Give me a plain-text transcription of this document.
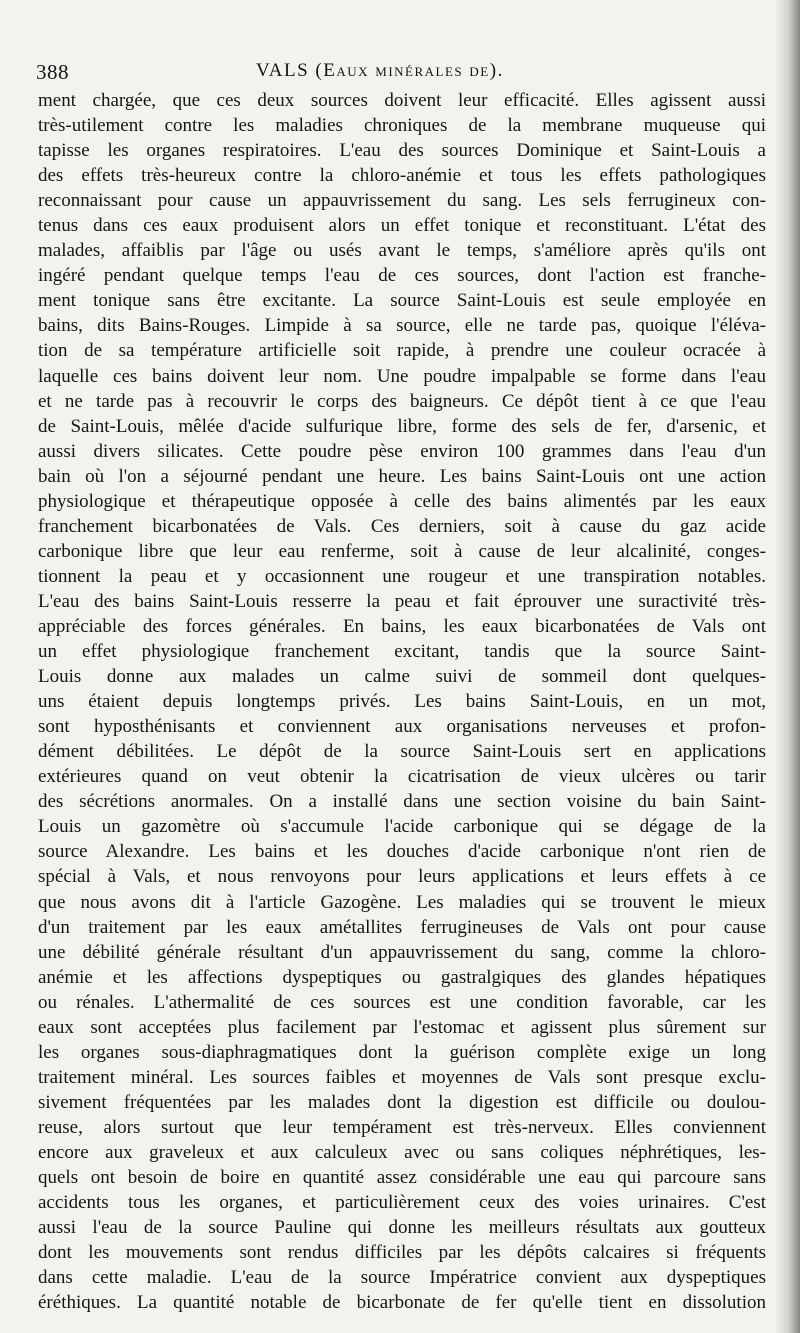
388	VALS (Eaux minérales de).
ment chargée, que ces deux sources doivent leur efficacité. Elles agissent aussi
très-utilement contre les maladies chroniques de la membrane muqueuse qui
tapisse les organes respiratoires. L'eau des sources Dominique et Saint-Louis a
des effets très-heureux contre la chloro-anémie et tous les effets pathologiques
reconnaissant pour cause un appauvrissement du sang. Les sels ferrugineux con-
tenus dans ces eaux produisent alors un effet tonique et reconstituant. L'état des
malades, affaiblis par l'âge ou usés avant le temps, s'améliore après qu'ils ont
ingéré pendant quelque temps l'eau de ces sources, dont l'action est franche-
ment tonique sans être excitante. La source Saint-Louis est seule employée en
bains, dits Bains-Rouges. Limpide à sa source, elle ne tarde pas, quoique l'éléva-
tion de sa température artificielle soit rapide, à prendre une couleur ocracée à
laquelle ces bains doivent leur nom. Une poudre impalpable se forme dans l'eau
et ne tarde pas à recouvrir le corps des baigneurs. Ce dépôt tient à ce que l'eau
de Saint-Louis, mêlée d'acide sulfurique libre, forme des sels de fer, d'arsenic, et
aussi divers silicates. Cette poudre pèse environ 100 grammes dans l'eau d'un
bain où l'on a séjourné pendant une heure. Les bains Saint-Louis ont une action
physiologique et thérapeutique opposée à celle des bains alimentés par les eaux
franchement bicarbonatées de Vals. Ces derniers, soit à cause du gaz acide
carbonique libre que leur eau renferme, soit à cause de leur alcalinité, conges-
tionnent la peau et y occasionnent une rougeur et une transpiration notables.
L'eau des bains Saint-Louis resserre la peau et fait éprouver une suractivité très-
appréciable des forces générales. En bains, les eaux bicarbonatées de Vals ont
un effet physiologique franchement excitant, tandis que la source Saint-
Louis donne aux malades un calme suivi de sommeil dont quelques-
uns étaient depuis longtemps privés. Les bains Saint-Louis, en un mot,
sont hyposthénisants et conviennent aux organisations nerveuses et profon-
dément débilitées. Le dépôt de la source Saint-Louis sert en applications
extérieures quand on veut obtenir la cicatrisation de vieux ulcères ou tarir
des sécrétions anormales. On a installé dans une section voisine du bain Saint-
Louis un gazomètre où s'accumule l'acide carbonique qui se dégage de la
source Alexandre. Les bains et les douches d'acide carbonique n'ont rien de
spécial à Vals, et nous renvoyons pour leurs applications et leurs effets à ce
que nous avons dit à l'article Gazogène. Les maladies qui se trouvent le mieux
d'un traitement par les eaux amétallites ferrugineuses de Vals ont pour cause
une débilité générale résultant d'un appauvrissement du sang, comme la chloro-
anémie et les affections dyspeptiques ou gastralgiques des glandes hépatiques
ou rénales. L'athermalité de ces sources est une condition favorable, car les
eaux sont acceptées plus facilement par l'estomac et agissent plus sûrement sur
les organes sous-diaphragmatiques dont la guérison complète exige un long
traitement minéral. Les sources faibles et moyennes de Vals sont presque exclu-
sivement fréquentées par les malades dont la digestion est difficile ou doulou-
reuse, alors surtout que leur tempérament est très-nerveux. Elles conviennent
encore aux graveleux et aux calculeux avec ou sans coliques néphrétiques, les-
quels ont besoin de boire en quantité assez considérable une eau qui parcoure sans
accidents tous les organes, et particulièrement ceux des voies urinaires. C'est
aussi l'eau de la source Pauline qui donne les meilleurs résultats aux goutteux
dont les mouvements sont rendus difficiles par les dépôts calcaires si fréquents
dans cette maladie. L'eau de la source Impératrice convient aux dyspeptiques
éréthiques. La quantité notable de bicarbonate de fer qu'elle tient en dissolution
